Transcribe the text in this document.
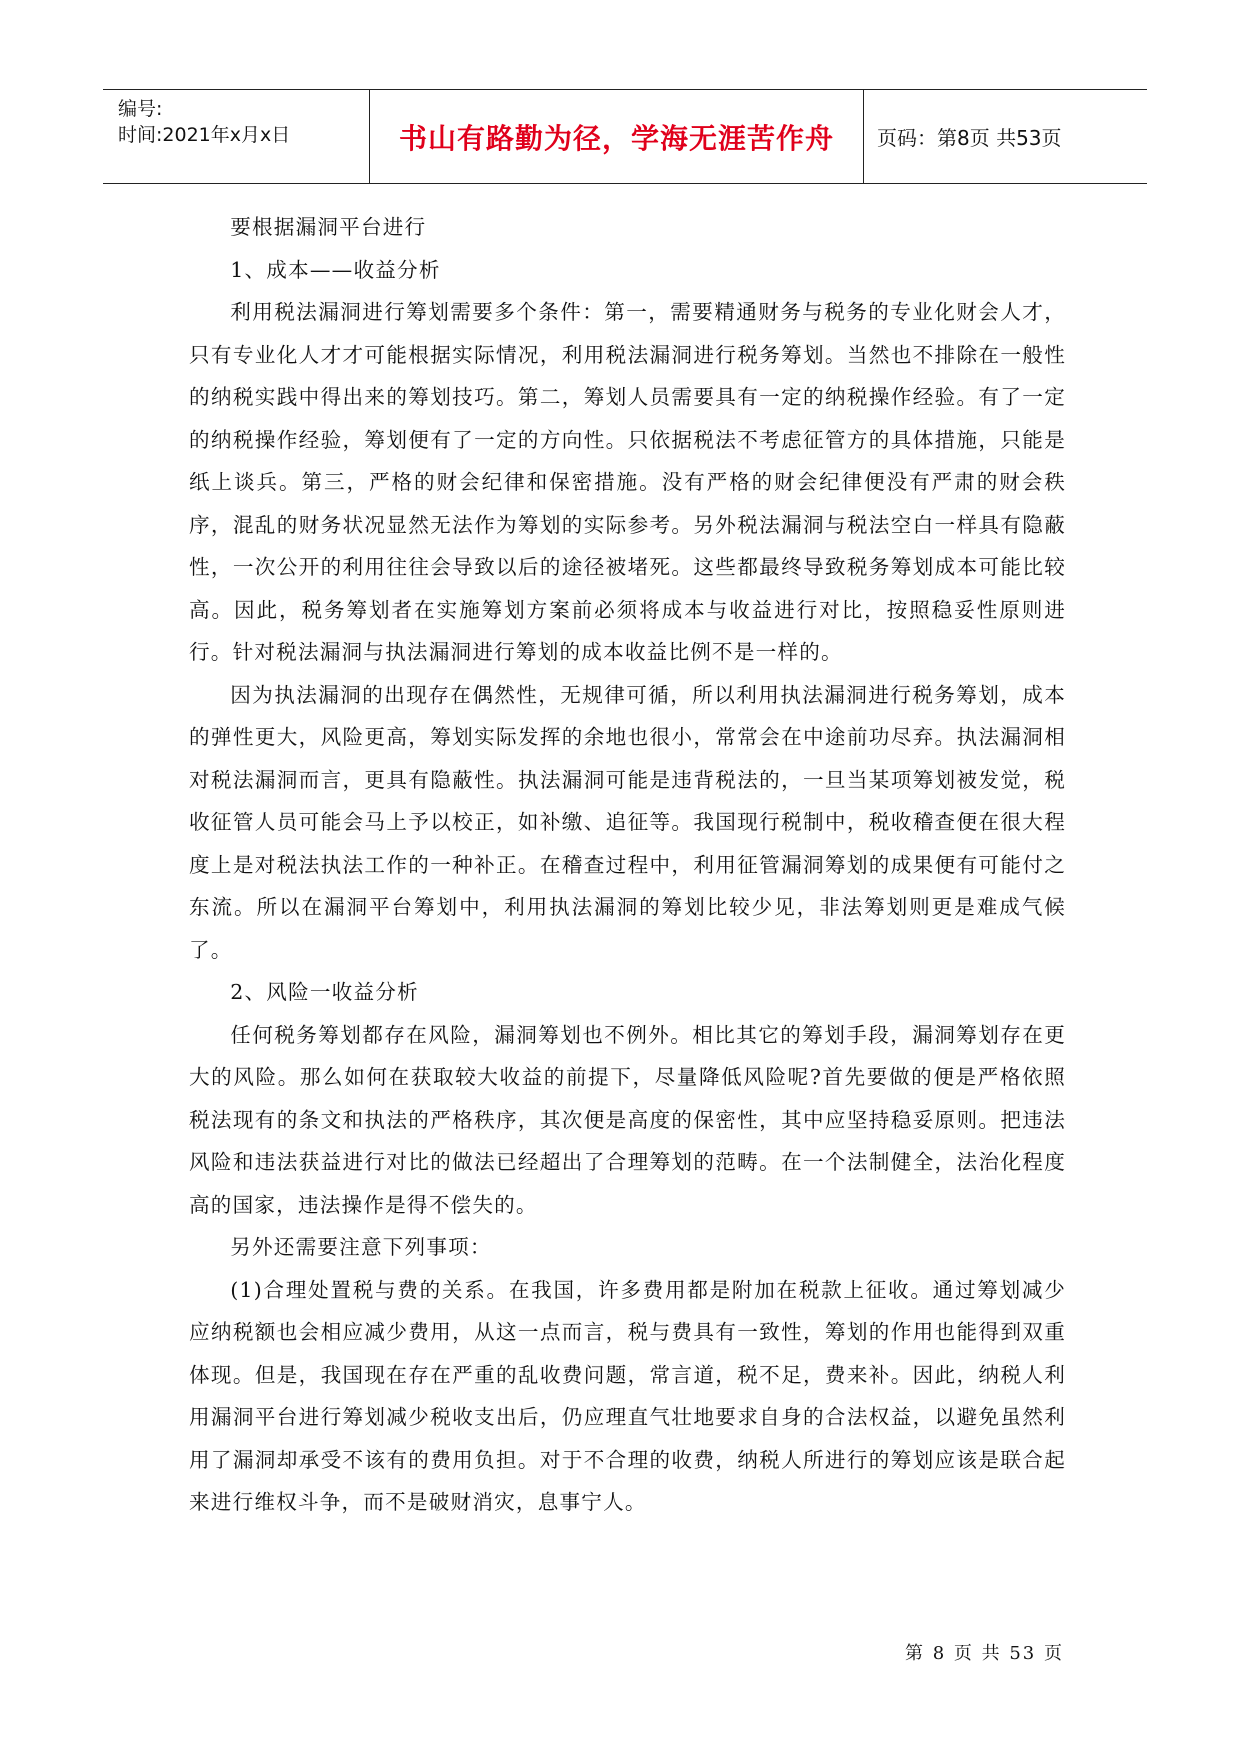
编号:
时间:2021年x月x日	书山有路勤为径，学海无涯苦作舟 页码：第8页 共53页

要根据漏洞平台进行

1、成本——收益分析

利用税法漏洞进行筹划需要多个条件：第一，需要精通财务与税务的专业化财会人才，只有专业化人才才可能根据实际情况，利用税法漏洞进行税务筹划。当然也不排除在一般性的纳税实践中得出来的筹划技巧。第二，筹划人员需要具有一定的纳税操作经验。有了一定的纳税操作经验，筹划便有了一定的方向性。只依据税法不考虑征管方的具体措施，只能是纸上谈兵。第三，严格的财会纪律和保密措施。没有严格的财会纪律便没有严肃的财会秩序，混乱的财务状况显然无法作为筹划的实际参考。另外税法漏洞与税法空白一样具有隐蔽性，一次公开的利用往往会导致以后的途径被堵死。这些都最终导致税务筹划成本可能比较高。因此，税务筹划者在实施筹划方案前必须将成本与收益进行对比，按照稳妥性原则进行。针对税法漏洞与执法漏洞进行筹划的成本收益比例不是一样的。

因为执法漏洞的出现存在偶然性，无规律可循，所以利用执法漏洞进行税务筹划，成本的弹性更大，风险更高，筹划实际发挥的余地也很小，常常会在中途前功尽弃。执法漏洞相对税法漏洞而言，更具有隐蔽性。执法漏洞可能是违背税法的，一旦当某项筹划被发觉，税收征管人员可能会马上予以校正，如补缴、追征等。我国现行税制中，税收稽查便在很大程度上是对税法执法工作的一种补正。在稽查过程中，利用征管漏洞筹划的成果便有可能付之东流。所以在漏洞平台筹划中，利用执法漏洞的筹划比较少见，非法筹划则更是难成气候了。

2、风险一收益分析

任何税务筹划都存在风险，漏洞筹划也不例外。相比其它的筹划手段，漏洞筹划存在更大的风险。那么如何在获取较大收益的前提下，尽量降低风险呢?首先要做的便是严格依照税法现有的条文和执法的严格秩序，其次便是高度的保密性，其中应坚持稳妥原则。把违法风险和违法获益进行对比的做法已经超出了合理筹划的范畴。在一个法制健全，法治化程度高的国家，违法操作是得不偿失的。

另外还需要注意下列事项：

(1)合理处置税与费的关系。在我国，许多费用都是附加在税款上征收。通过筹划减少应纳税额也会相应减少费用，从这一点而言，税与费具有一致性，筹划的作用也能得到双重体现。但是，我国现在存在严重的乱收费问题，常言道，税不足，费来补。因此，纳税人利用漏洞平台进行筹划减少税收支出后，仍应理直气壮地要求自身的合法权益，以避免虽然利用了漏洞却承受不该有的费用负担。对于不合理的收费，纳税人所进行的筹划应该是联合起来进行维权斗争，而不是破财消灾，息事宁人。

第 8 页 共 53 页
